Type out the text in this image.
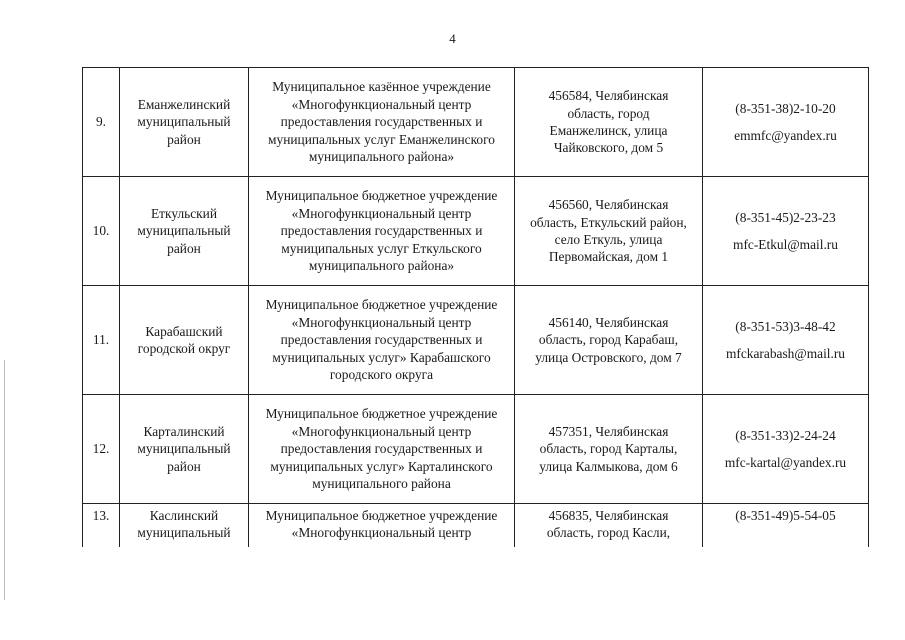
4
9.	Еманжелинский
муниципальный
район	Муниципальное казённое учреждение
«Многофункциональный центр
предоставления государственных и
муниципальных услуг Еманжелинского
муниципального района»	456584, Челябинская
область, город
Еманжелинск, улица
Чайковского, дом 5	(8-351-38)2-10-20
emmfc@yandex.ru

10.	Еткульский
муниципальный
район	Муниципальное бюджетное учреждение
«Многофункциональный центр
предоставления государственных и
муниципальных услуг Еткульского
муниципального района»	456560, Челябинская
область, Еткульский район,
село Еткуль, улица
Первомайская, дом 1	(8-351-45)2-23-23
mfc-Etkul@mail.ru

11.	Карабашский
городской округ	Муниципальное бюджетное учреждение
«Многофункциональный центр
предоставления государственных и
муниципальных услуг» Карабашского
городского округа	456140, Челябинская
область, город Карабаш,
улица Островского, дом 7	(8-351-53)3-48-42
mfckarabash@mail.ru

12.	Карталинский
муниципальный
район	Муниципальное бюджетное учреждение
«Многофункциональный центр
предоставления государственных и
муниципальных услуг» Карталинского
муниципального района	457351, Челябинская
область, город Карталы,
улица Калмыкова, дом 6	(8-351-33)2-24-24
mfc-kartal@yandex.ru

13.	Каслинский
муниципальный	Муниципальное бюджетное учреждение
«Многофункциональный центр	456835, Челябинская
область, город Касли,	(8-351-49)5-54-05
